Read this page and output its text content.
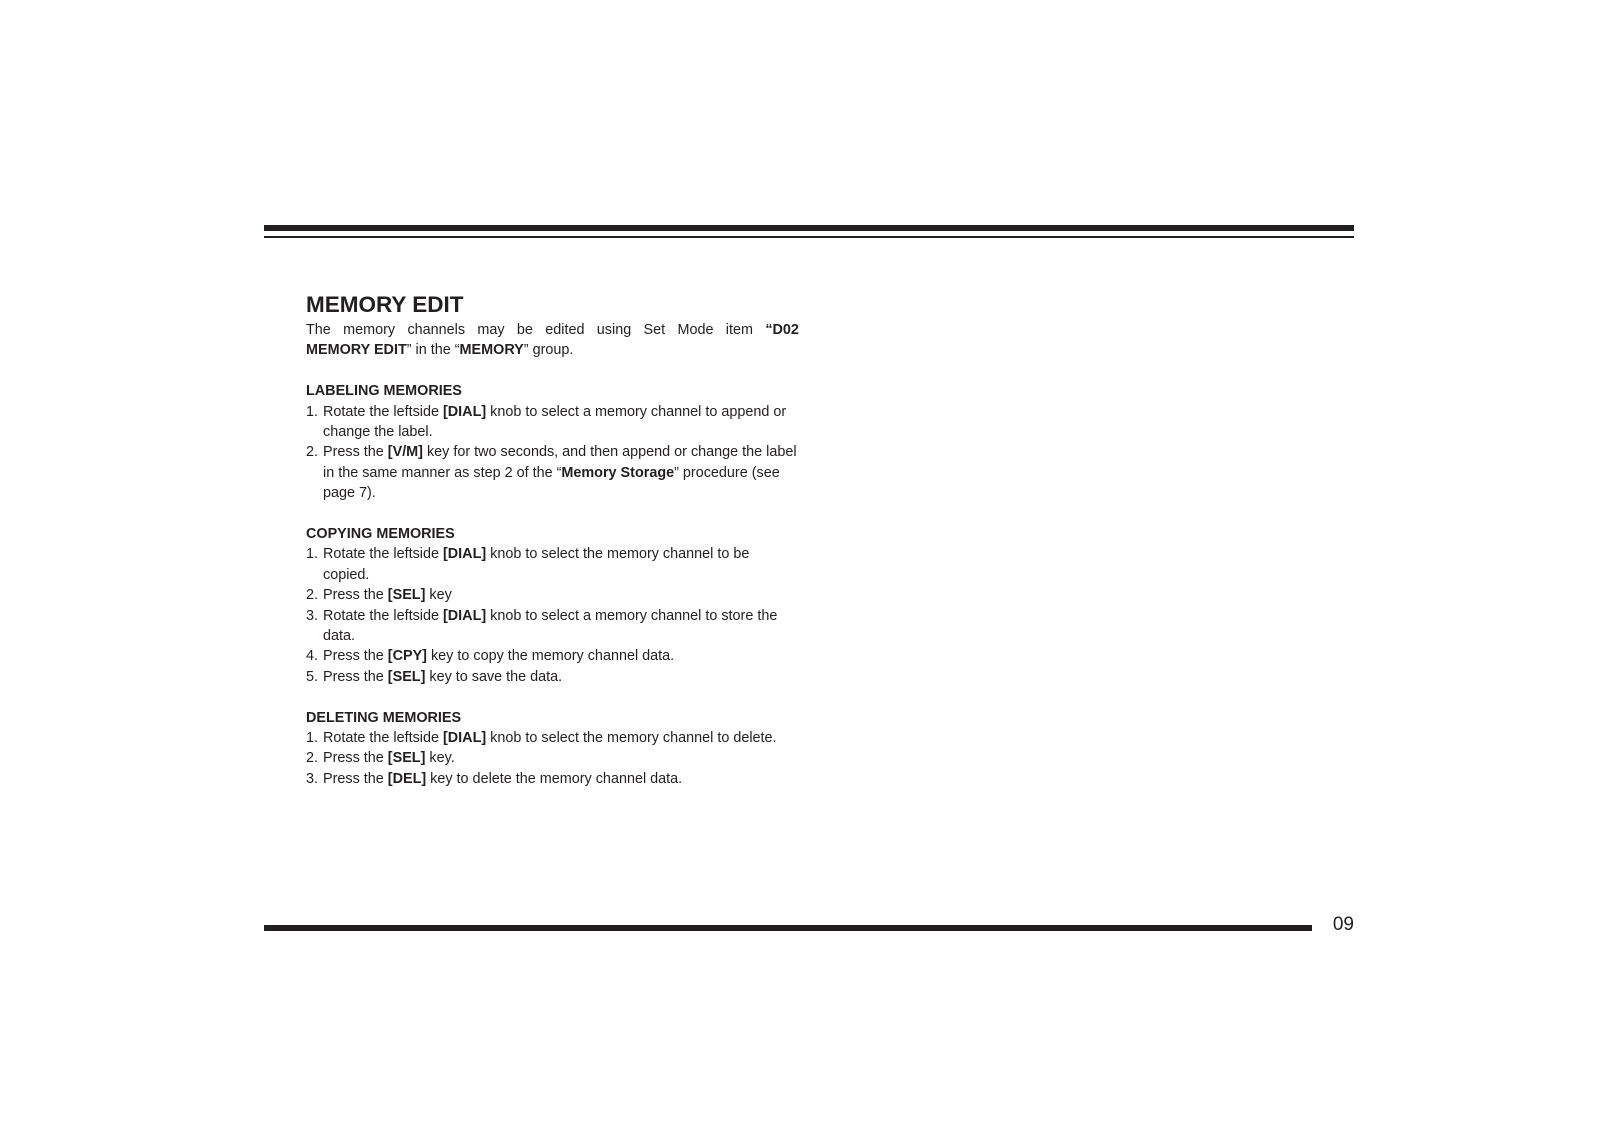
MEMORY EDIT
The memory channels may be edited using Set Mode item “D02
MEMORY EDIT” in the “MEMORY” group.
LABELING MEMORIES
1. Rotate the leftside [DIAL] knob to select a memory channel to append or change the label.
2. Press the [V/M] key for two seconds, and then append or change the label in the same manner as step 2 of the “Memory Storage” procedure (see page 7).
COPYING MEMORIES
1. Rotate the leftside [DIAL] knob to select the memory channel to be copied.
2. Press the [SEL] key
3. Rotate the leftside [DIAL] knob to select a memory channel to store the data.
4. Press the [CPY] key to copy the memory channel data.
5. Press the [SEL] key to save the data.
DELETING MEMORIES
1. Rotate the leftside [DIAL] knob to select the memory channel to delete.
2. Press the [SEL] key.
3. Press the [DEL] key to delete the memory channel data.
09
